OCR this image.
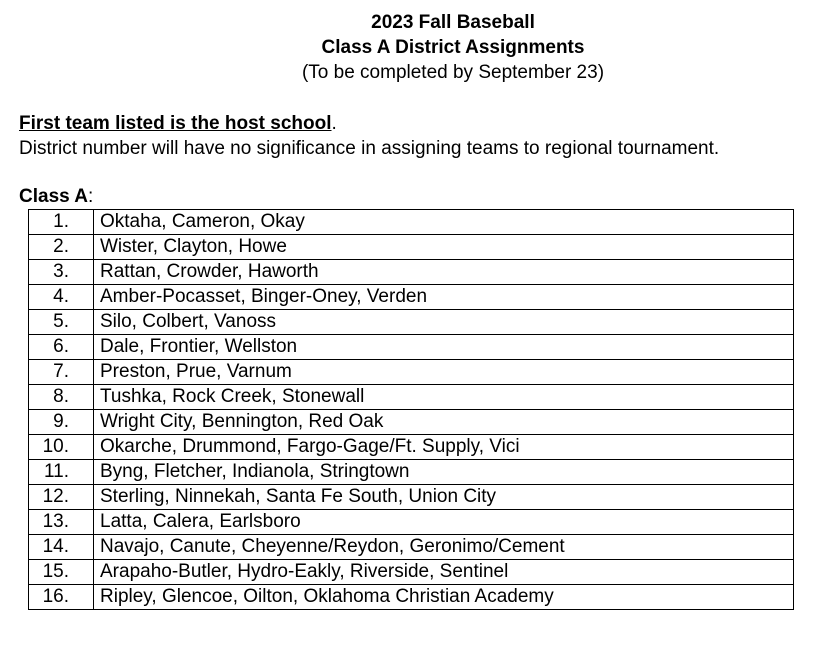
2023 Fall Baseball
Class A District Assignments
(To be completed by September 23)
First team listed is the host school.
District number will have no significance in assigning teams to regional tournament.
Class A:
1.	Oktaha, Cameron, Okay
2.	Wister, Clayton, Howe
3.	Rattan, Crowder, Haworth
4.	Amber-Pocasset, Binger-Oney, Verden
5.	Silo, Colbert, Vanoss
6.	Dale, Frontier, Wellston
7.	Preston, Prue, Varnum
8.	Tushka, Rock Creek, Stonewall
9.	Wright City, Bennington, Red Oak
10.	Okarche, Drummond, Fargo-Gage/Ft. Supply, Vici
11.	Byng, Fletcher, Indianola, Stringtown
12.	Sterling, Ninnekah, Santa Fe South, Union City
13.	Latta, Calera, Earlsboro
14.	Navajo, Canute, Cheyenne/Reydon, Geronimo/Cement
15.	Arapaho-Butler, Hydro-Eakly, Riverside, Sentinel
16.	Ripley, Glencoe, Oilton, Oklahoma Christian Academy
